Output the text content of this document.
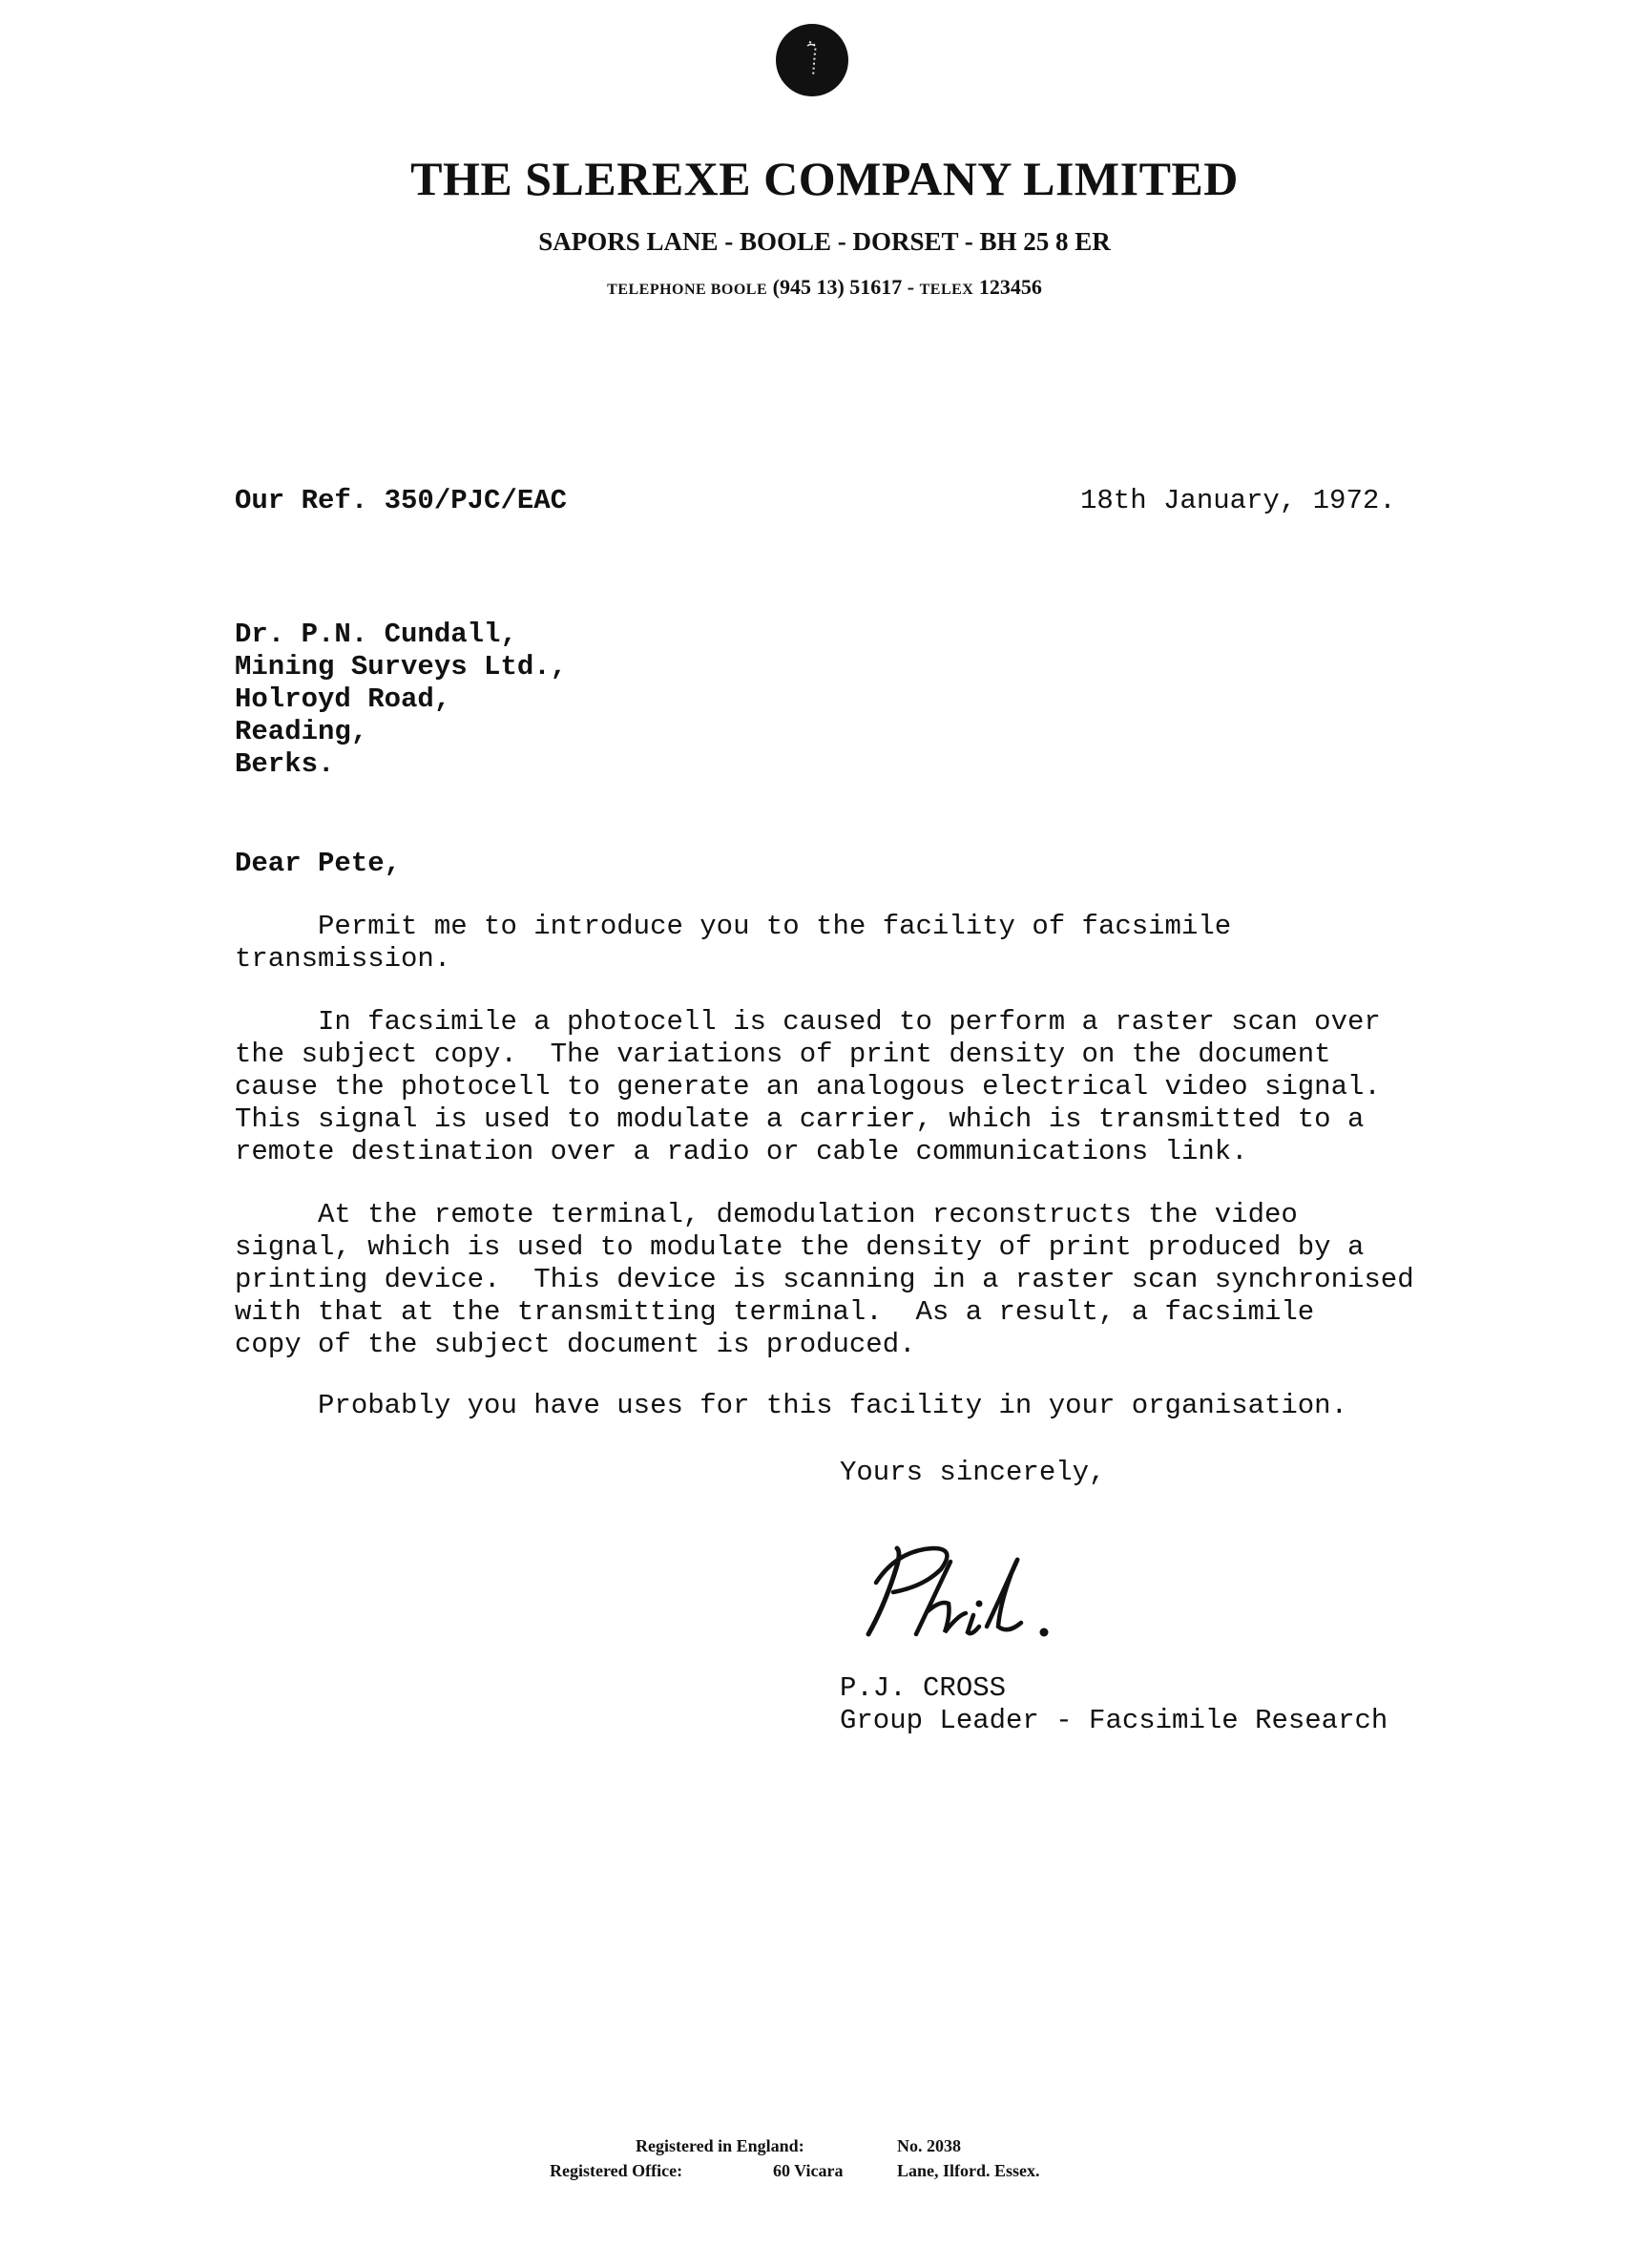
THE SLEREXE COMPANY LIMITED
SAPORS LANE - BOOLE - DORSET - BH 25 8 ER
TELEPHONE BOOLE (945 13) 51617 - TELEX 123456
Our Ref. 350/PJC/EAC	18th January, 1972.
Dr. P.N. Cundall,
Mining Surveys Ltd.,
Holroyd Road,
Reading,
Berks.
Dear Pete,
Permit me to introduce you to the facility of facsimile
transmission.
In facsimile a photocell is caused to perform a raster scan over
the subject copy.  The variations of print density on the document
cause the photocell to generate an analogous electrical video signal.
This signal is used to modulate a carrier, which is transmitted to a
remote destination over a radio or cable communications link.
At the remote terminal, demodulation reconstructs the video
signal, which is used to modulate the density of print produced by a
printing device.  This device is scanning in a raster scan synchronised
with that at the transmitting terminal.  As a result, a facsimile
copy of the subject document is produced.
Probably you have uses for this facility in your organisation.
Yours sincerely,
P.J. CROSS
Group Leader - Facsimile Research
Registered in England:	No. 2038
Registered Office:	60 Vicara	Lane, Ilford. Essex.
